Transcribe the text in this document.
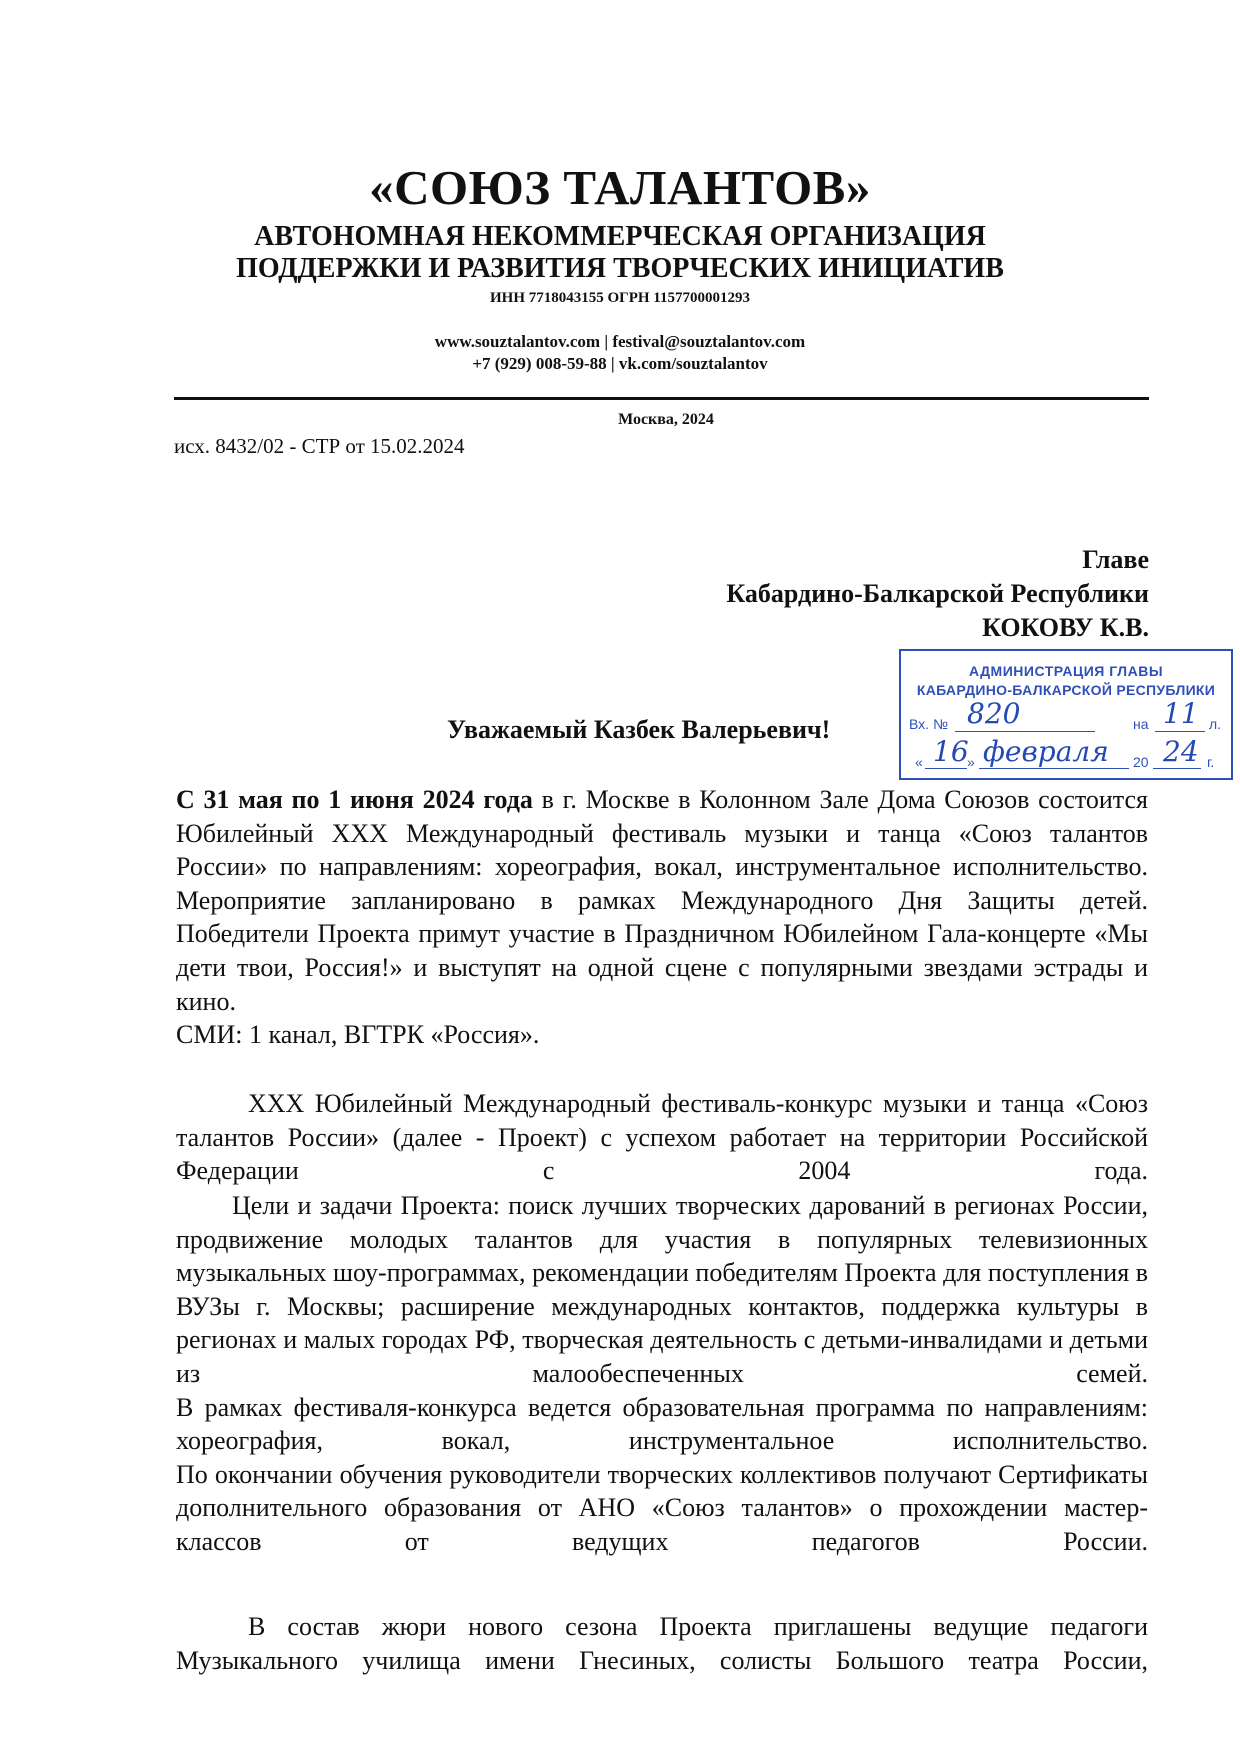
«СОЮЗ ТАЛАНТОВ»
АВТОНОМНАЯ НЕКОММЕРЧЕСКАЯ ОРГАНИЗАЦИЯ
ПОДДЕРЖКИ И РАЗВИТИЯ ТВОРЧЕСКИХ ИНИЦИАТИВ
ИНН 7718043155 ОГРН 1157700001293
www.souztalantov.com | festival@souztalantov.com
+7 (929) 008-59-88 | vk.com/souztalantov
Москва, 2024
исх. 8432/02 - СТР от 15.02.2024
Главе
Кабардино-Балкарской Республики
КОКОВУ К.В.
АДМИНИСТРАЦИЯ ГЛАВЫ
КАБАРДИНО-БАЛКАРСКОЙ РЕСПУБЛИКИ
Вх. № 820	на 11 л.
« 16
» февраля 20 24 г.
Уважаемый Казбек Валерьевич!

С 31 мая по 1 июня 2024 года в г. Москве в Колонном Зале Дома Союзов состоится Юбилейный XXX Международный фестиваль музыки и танца «Союз талантов России» по направлениям: хореография, вокал, инструментальное исполнительство.

Мероприятие запланировано в рамках Международного Дня Защиты детей. Победители Проекта примут участие в Праздничном Юбилейном Гала-концерте «Мы дети твои, Россия!» и выступят на одной сцене с популярными звездами эстрады и кино.

СМИ: 1 канал, ВГТРК «Россия».

XXX Юбилейный Международный фестиваль-конкурс музыки и танца «Союз талантов России» (далее - Проект) с успехом работает на территории Российской Федерации с 2004 года.

Цели и задачи Проекта: поиск лучших творческих дарований в регионах России, продвижение молодых талантов для участия в популярных телевизионных музыкальных шоу-программах, рекомендации победителям Проекта для поступления в ВУЗы г. Москвы; расширение международных контактов, поддержка культуры в регионах и малых городах РФ, творческая деятельность с детьми-инвалидами и детьми из малообеспеченных семей.

В рамках фестиваля-конкурса ведется образовательная программа по направлениям: хореография, вокал, инструментальное исполнительство.

По окончании обучения руководители творческих коллективов получают Сертификаты дополнительного образования от АНО «Союз талантов» о прохождении мастер-классов от ведущих педагогов России.

В состав жюри нового сезона Проекта приглашены ведущие педагоги Музыкального училища имени Гнесиных, солисты Большого театра России,
